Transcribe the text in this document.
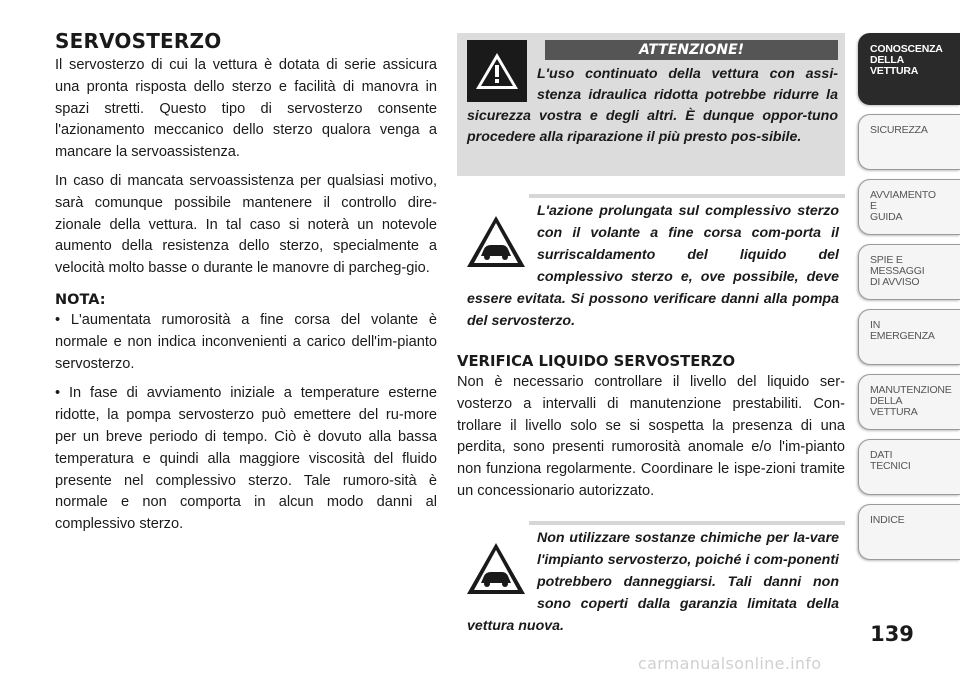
SERVOSTERZO

Il servosterzo di cui la vettura è dotata di serie assicura una pronta risposta dello sterzo e facilità di manovra in spazi stretti. Questo tipo di servosterzo consente l'azionamento meccanico dello sterzo qualora venga a mancare la servoassistenza.

In caso di mancata servoassistenza per qualsiasi motivo, sarà comunque possibile mantenere il controllo dire-zionale della vettura. In tal caso si noterà un notevole aumento della resistenza dello sterzo, specialmente a velocità molto basse o durante le manovre di parcheg-gio.

NOTA:

• L'aumentata rumorosità a fine corsa del volante è normale e non indica inconvenienti a carico dell'im-pianto servosterzo.

• In fase di avviamento iniziale a temperature esterne ridotte, la pompa servosterzo può emettere del ru-more per un breve periodo di tempo. Ciò è dovuto alla bassa temperatura e quindi alla maggiore viscosità del fluido presente nel complessivo sterzo. Tale rumoro-sità è normale e non comporta in alcun modo danni al complessivo sterzo.

ATTENZIONE!

L'uso continuato della vettura con assi-stenza idraulica ridotta potrebbe ridurre la sicurezza vostra e degli altri. È dunque oppor-tuno procedere alla riparazione il più presto pos-sibile.

L'azione prolungata sul complessivo sterzo con il volante a fine corsa com-porta il surriscaldamento del liquido del complessivo sterzo e, ove possibile, deve essere evitata. Si possono verificare danni alla pompa del servosterzo.

VERIFICA LIQUIDO SERVOSTERZO

Non è necessario controllare il livello del liquido ser-vosterzo a intervalli di manutenzione prestabiliti. Con-trollare il livello solo se si sospetta la presenza di una perdita, sono presenti rumorosità anomale e/o l'im-pianto non funziona regolarmente. Coordinare le ispe-zioni tramite un concessionario autorizzato.

Non utilizzare sostanze chimiche per la-vare l'impianto servosterzo, poiché i com-ponenti potrebbero danneggiarsi. Tali danni non sono coperti dalla garanzia limitata della vettura nuova.

CONOSCENZA
DELLA
VETTURA
SICUREZZA
AVVIAMENTO
E
GUIDA
SPIE E
MESSAGGI
DI AVVISO
IN
EMERGENZA
MANUTENZIONE
DELLA
VETTURA
DATI
TECNICI
INDICE
139
carmanualsonline.info
